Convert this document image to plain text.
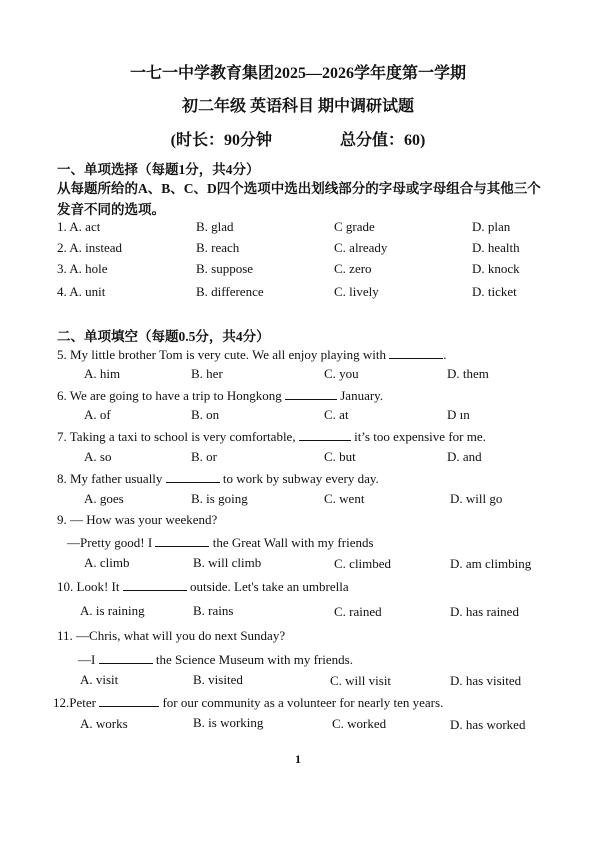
一七一中学教育集团2025—2026学年度第一学期
初二年级 英语科目 期中调研试题
(时长：90分钟	总分值：60)
一、单项选择（每题1分，共4分）
从每题所给的A、B、C、D四个选项中选出划线部分的字母或字母组合与其他三个发音不同的选项。
1. A. act	B. glad	C grade	D. plan
2. A. instead	B. reach	C. already	D. health
3. A. hole	B. suppose	C. zero	D. knock
4. A. unit	B. difference	C. lively	D. ticket
二、单项填空（每题0.5分，共4分）
5. My little brother Tom is very cute. We all enjoy playing with	.
A. him	B. her	C. you	D. them
6. We are going to have a trip to Hongkong	January.
A. of	B. on	C. at	D ın
7. Taking a taxi to school is very comfortable,	it’s too expensive for me.
A. so	B. or	C. but	D. and
8. My father usually	to work by subway every day.
A. goes	B. is going	C. went	D. will go
9. — How was your weekend?
—Pretty good! I	the Great Wall with my friends
A. climb	B. will climb	C. climbed	D. am climbing
10. Look! It	outside. Let's take an umbrella
A. is raining	B. rains	C. rained	D. has rained
11. —Chris, what will you do next Sunday?
—I	the Science Museum with my friends.
A. visit	B. visited	C. will visit	D. has visited
12.Peter	for our community as a volunteer for nearly ten years.
A. works	B. is working	C. worked	D. has worked
1
